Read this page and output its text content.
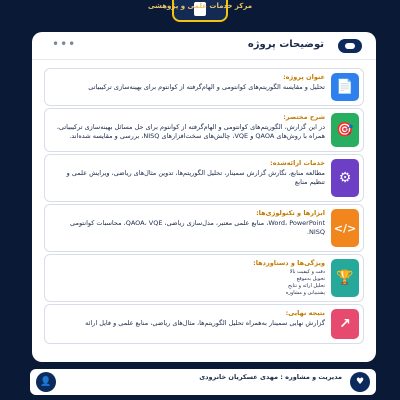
مرکز خدمات علمی و پژوهشی
•••	توضیحات پروژه
📄
عنوان پروژه:
تحلیل و مقایسه الگوریتم‌های کوانتومی و الهام‌گرفته از کوانتوم برای بهینه‌سازی ترکیبیاتی
🎯
شرح مختصر:
در این گزارش، الگوریتم‌های کوانتومی و الهام‌گرفته از کوانتوم برای حل مسائل بهینه‌سازی ترکیبیاتی، همراه با روش‌های QAOA و VQE، چالش‌های سخت‌افزارهای NISQ، بررسی و مقایسه شده‌اند.
⚙
خدمات ارائه‌شده:
مطالعه منابع، نگارش گزارش سمینار، تحلیل الگوریتم‌ها، تدوین مثال‌های ریاضی، ویرایش علمی و تنظیم منابع
</>
ابزارها و تکنولوژی‌ها:
Word، PowerPoint، منابع علمی معتبر، مدل‌سازی ریاضی، QAOA، VQE، محاسبات کوانتومی NISQ.
🏆
ویژگی‌ها و دستاوردها:
دقت و کیفیت بالا
تحویل به‌موقع
تحلیل ارائه و نتایج
پشتیبانی و مشاوره
↗
نتیجه نهایی:
گزارش نهایی سمینار به‌همراه تحلیل الگوریتم‌ها، مثال‌های ریاضی، منابع علمی و فایل ارائه
👤	مدیریت و مشاوره : مهدی عسکریان خانرودی	♥
